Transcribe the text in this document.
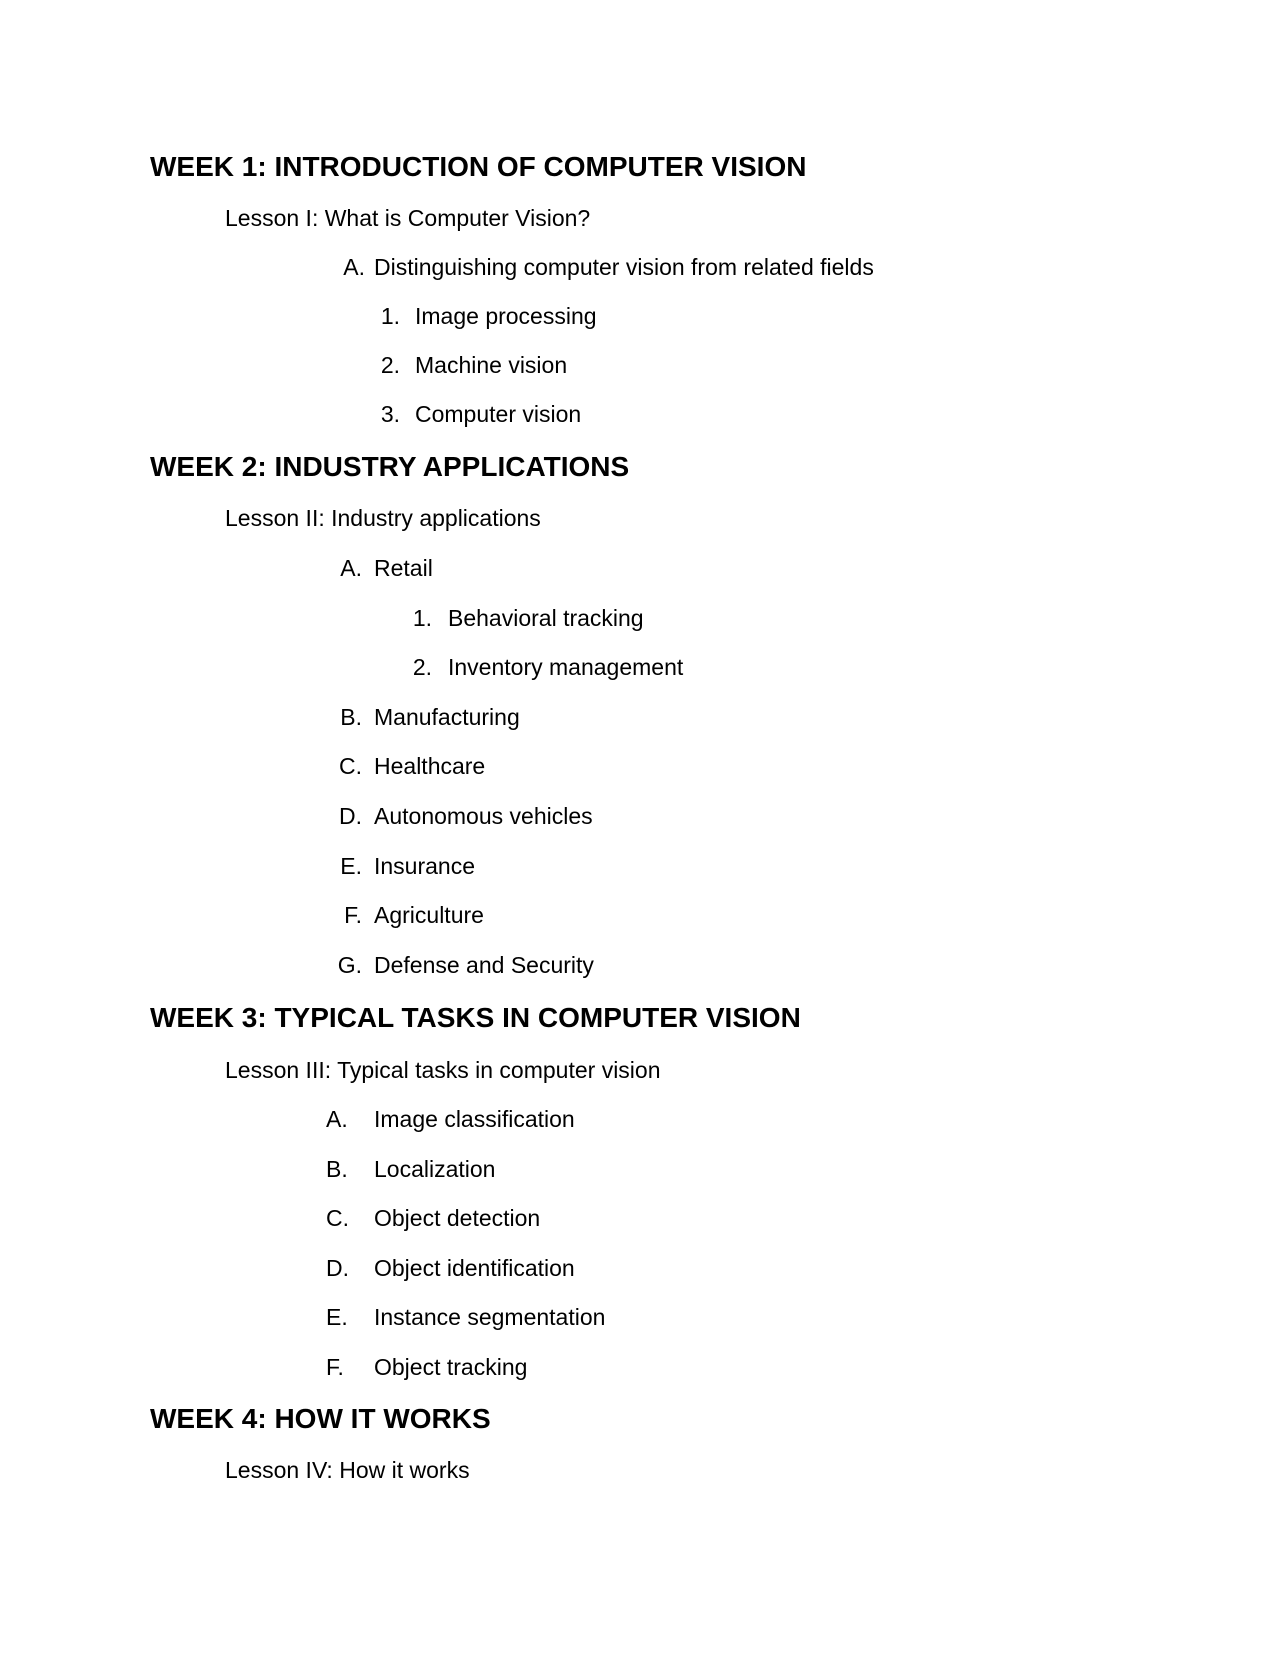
WEEK 1: INTRODUCTION OF COMPUTER VISION
Lesson I: What is Computer Vision?
A. Distinguishing computer vision from related fields
1. Image processing
2. Machine vision
3. Computer vision
WEEK 2: INDUSTRY APPLICATIONS
Lesson II: Industry applications
A. Retail
1. Behavioral tracking
2. Inventory management
B. Manufacturing
C. Healthcare
D. Autonomous vehicles
E. Insurance
F. Agriculture
G. Defense and Security
WEEK 3: TYPICAL TASKS IN COMPUTER VISION
Lesson III: Typical tasks in computer vision
A.	Image classification
B.	Localization
C.	Object detection
D.	Object identification
E.	Instance segmentation
F.	Object tracking
WEEK 4: HOW IT WORKS
Lesson IV: How it works
